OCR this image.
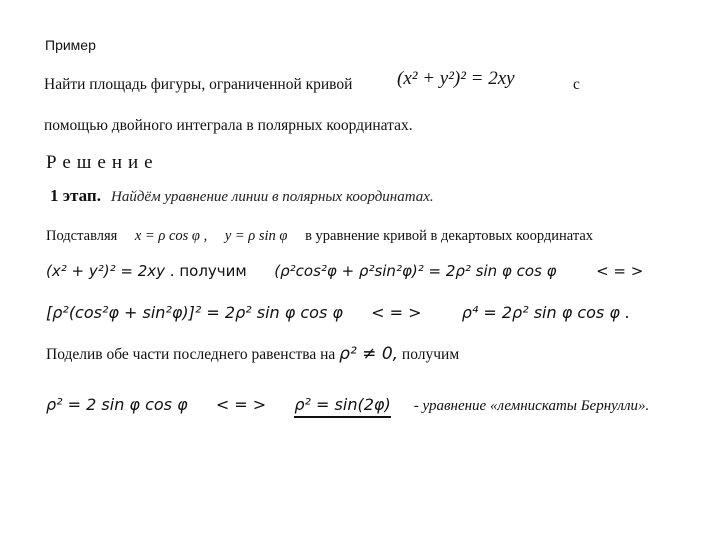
Пример
Найти площадь фигуры, ограниченной кривой (x² + y²)² = 2xy	с
помощью двойного интеграла в полярных координатах.
Решение
1 этап. Найдём уравнение линии в полярных координатах.
Подставляя x = ρ cos φ , y = ρ sin φ в уравнение кривой в декартовых координатах
(x² + y²)² = 2xy . получим (ρ²cos²φ + ρ²sin²φ)² = 2ρ² sin φ cos φ	< = >
[ρ²(cos²φ + sin²φ)]² = 2ρ² sin φ cos φ < = >	ρ⁴ = 2ρ² sin φ cos φ .
Поделив обе части последнего равенства на ρ² ≠ 0, получим
ρ² = 2 sin φ cos φ < = > ρ² = sin(2φ) - уравнение «лемнискаты Бернулли».
